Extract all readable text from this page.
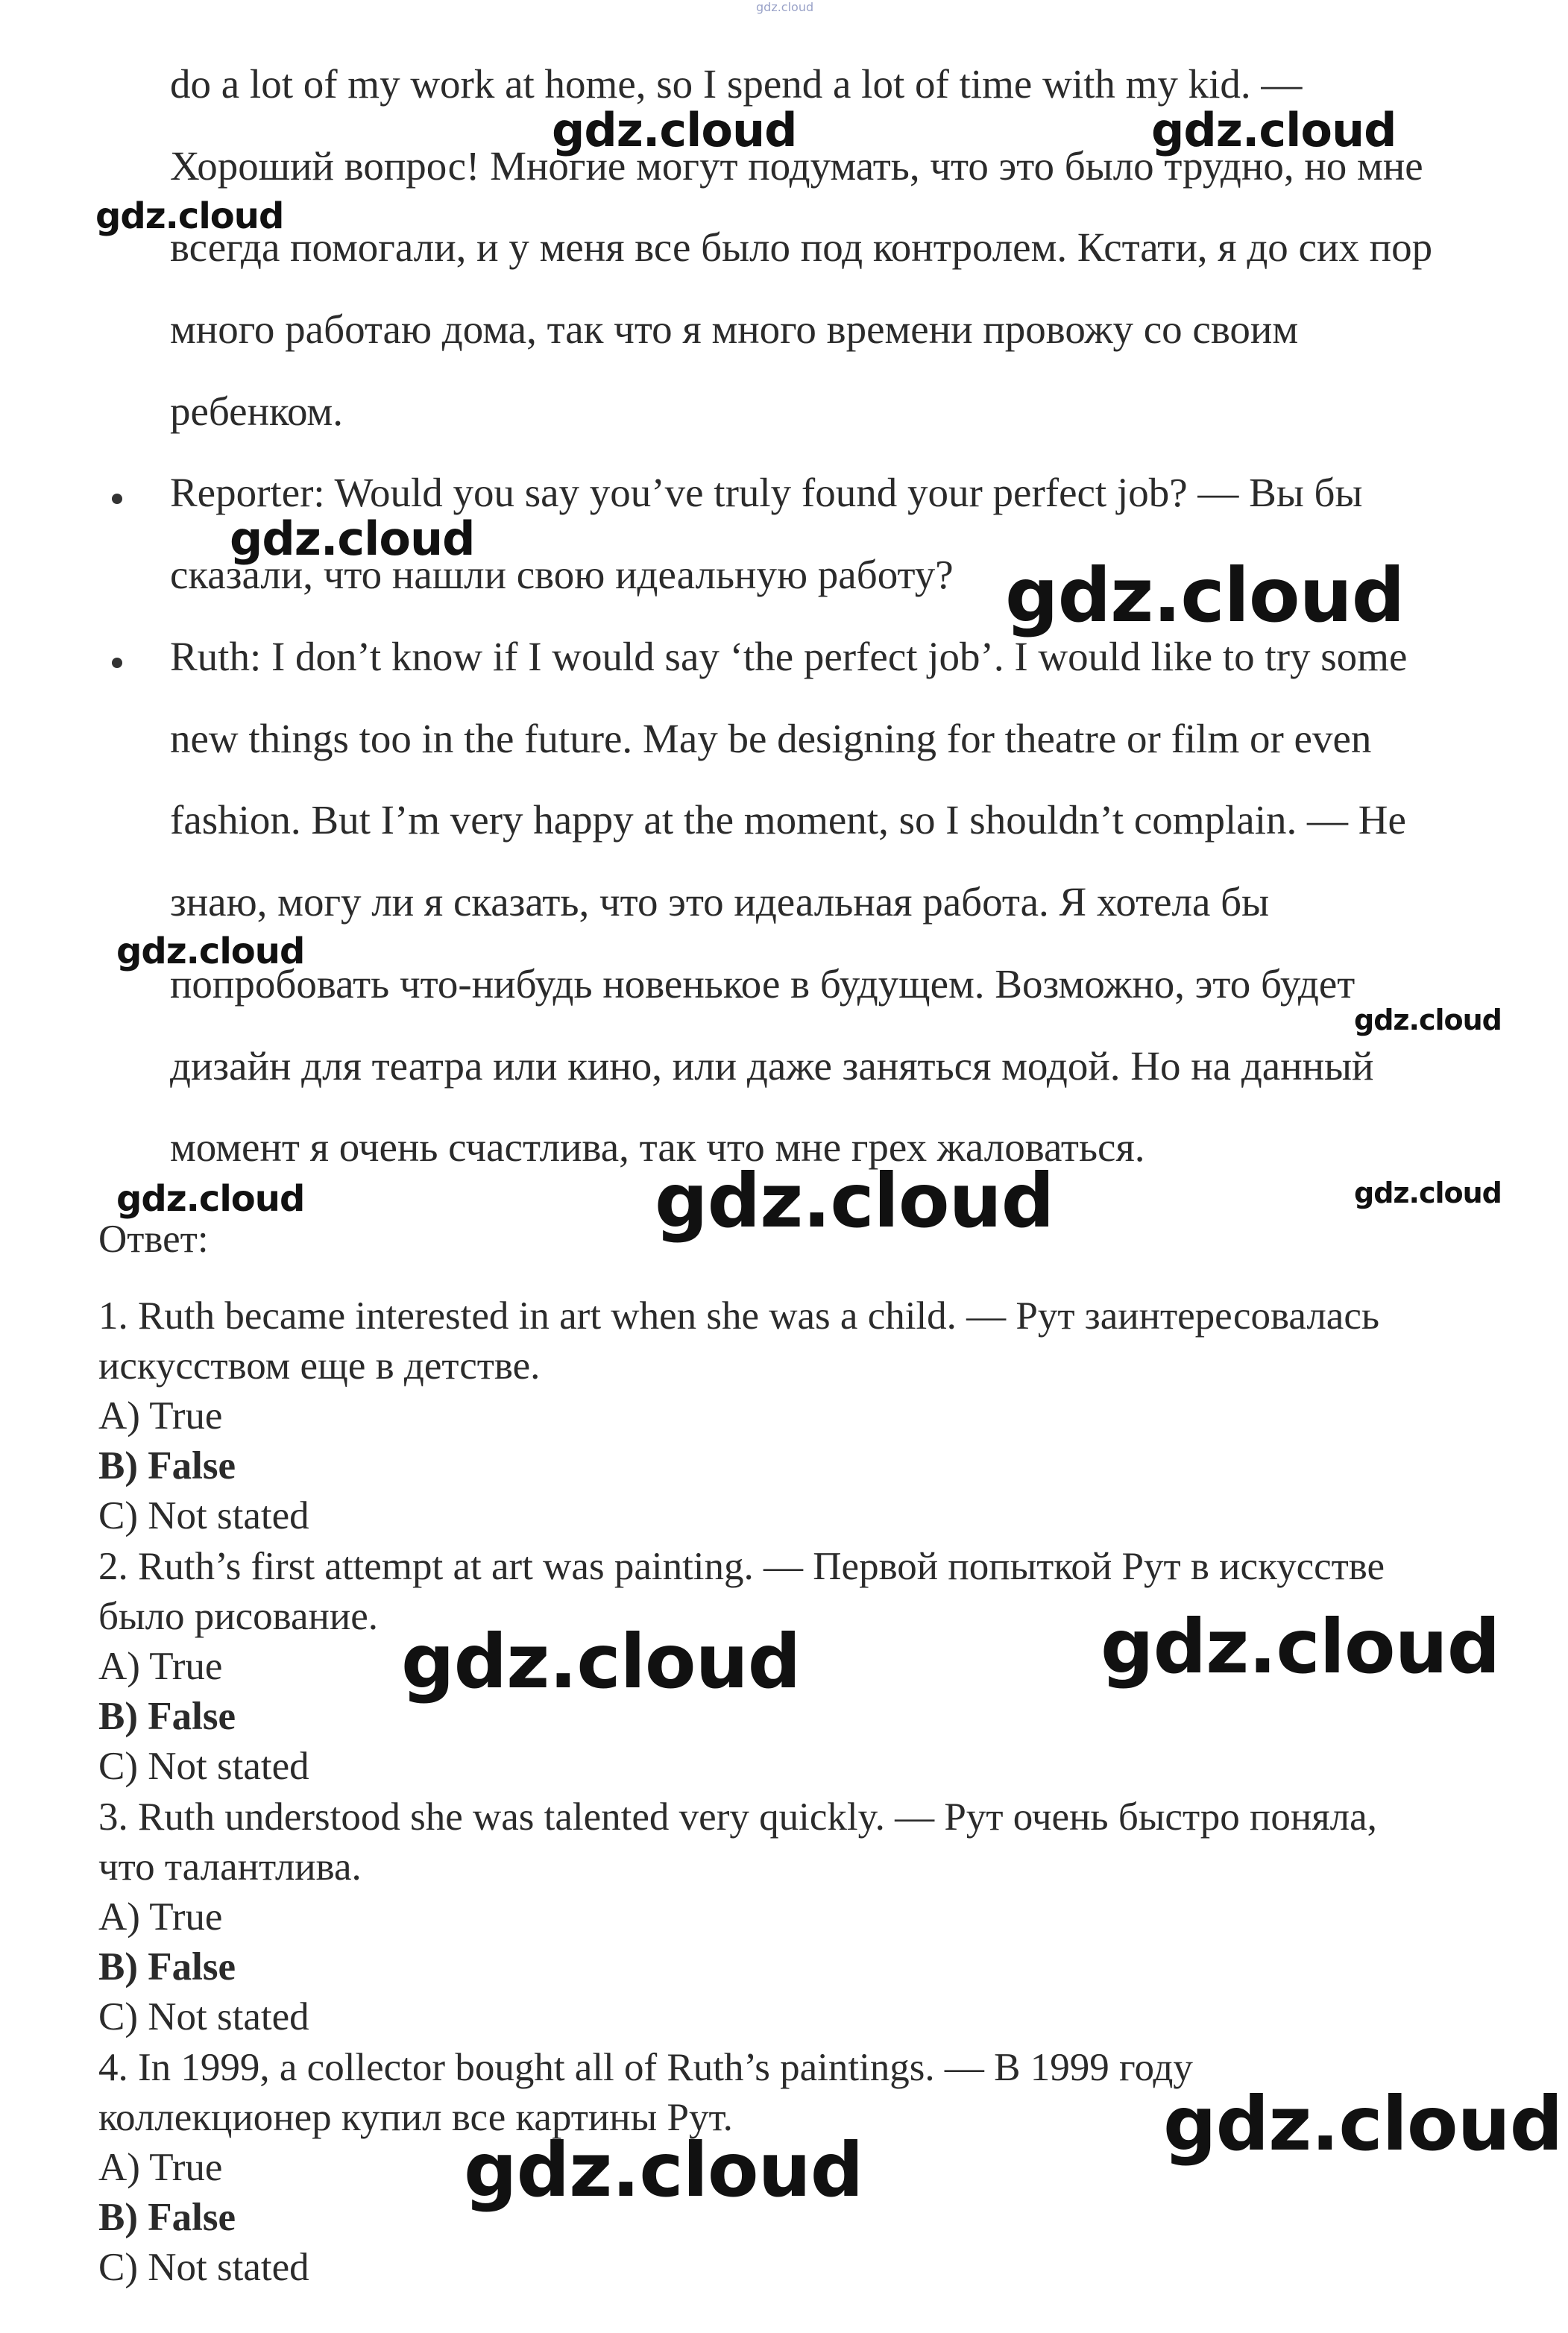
do a lot of my work at home, so I spend a lot of time with my kid. —
Хороший вопрос! Многие могут подумать, что это было трудно, но мне
всегда помогали, и у меня все было под контролем. Кстати, я до сих пор
много работаю дома, так что я много времени провожу со своим
ребенком.
Reporter: Would you say you’ve truly found your perfect job? — Вы бы
сказали, что нашли свою идеальную работу?
Ruth: I don’t know if I would say ‘the perfect job’. I would like to try some
new things too in the future. May be designing for theatre or film or even
fashion. But I’m very happy at the moment, so I shouldn’t complain. — Не
знаю, могу ли я сказать, что это идеальная работа. Я хотела бы
попробовать что-нибудь новенькое в будущем. Возможно, это будет
дизайн для театра или кино, или даже заняться модой. Но на данный
момент я очень счастлива, так что мне грех жаловаться.
Ответ:
1. Ruth became interested in art when she was a child. — Рут заинтересовалась
искусством еще в детстве.
A) True
B) False
C) Not stated
2. Ruth’s first attempt at art was painting. — Первой попыткой Рут в искусстве
было рисование.
A) True
B) False
C) Not stated
3. Ruth understood she was talented very quickly. — Рут очень быстро поняла,
что талантлива.
A) True
B) False
C) Not stated
4. In 1999, a collector bought all of Ruth’s paintings. — В 1999 году
коллекционер купил все картины Рут.
A) True
B) False
C) Not stated
gdz.cloud
gdz.cloud	gdz.cloud
gdz.cloud
gdz.cloud
gdz.cloud
gdz.cloud
gdz.cloud
gdz.cloud	gdz.cloud	gdz.cloud
gdz.cloud	gdz.cloud
gdz.cloud
gdz.cloud
